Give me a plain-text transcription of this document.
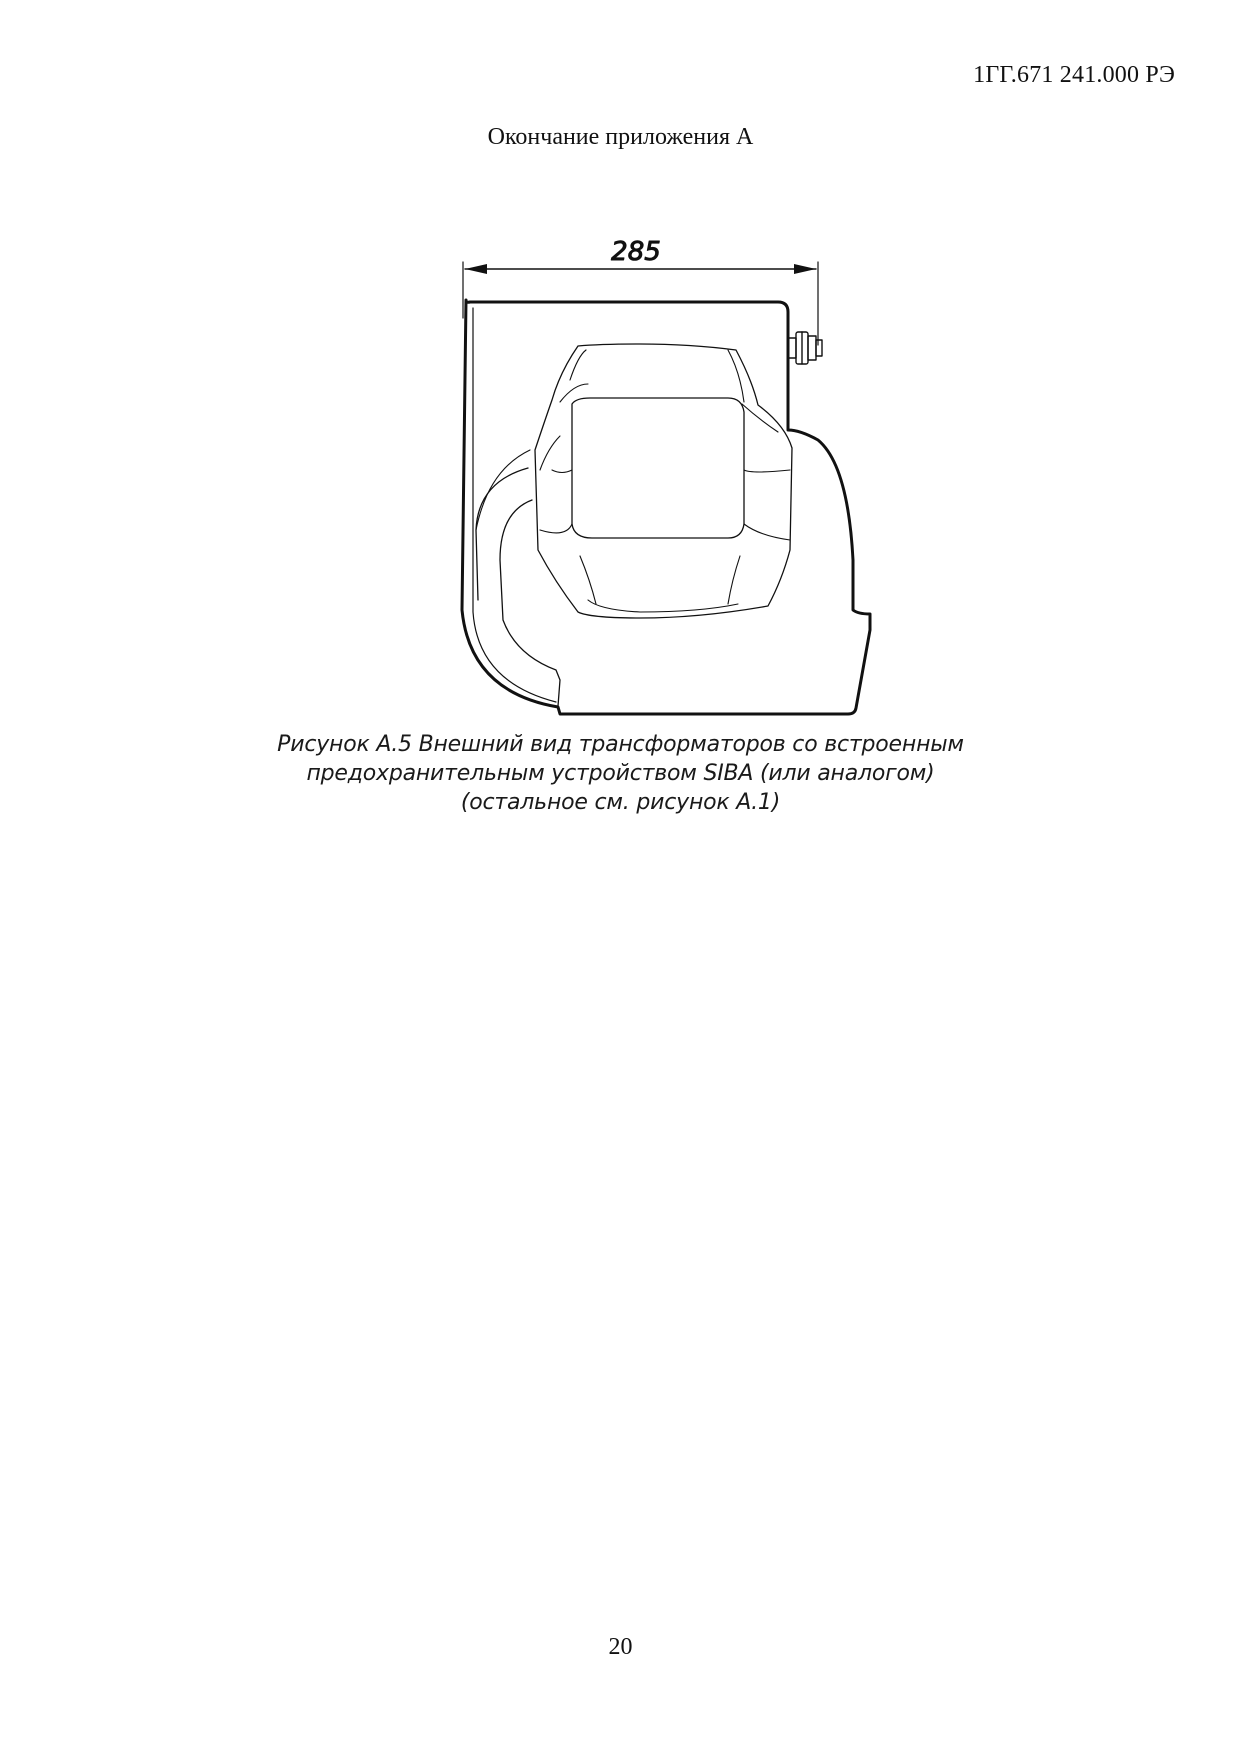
1ГГ.671 241.000 РЭ
Окончание приложения А
285
Рисунок А.5 Внешний вид трансформаторов со встроенным
предохранительным устройством SIBA (или аналогом)
(остальное см. рисунок А.1)
20
